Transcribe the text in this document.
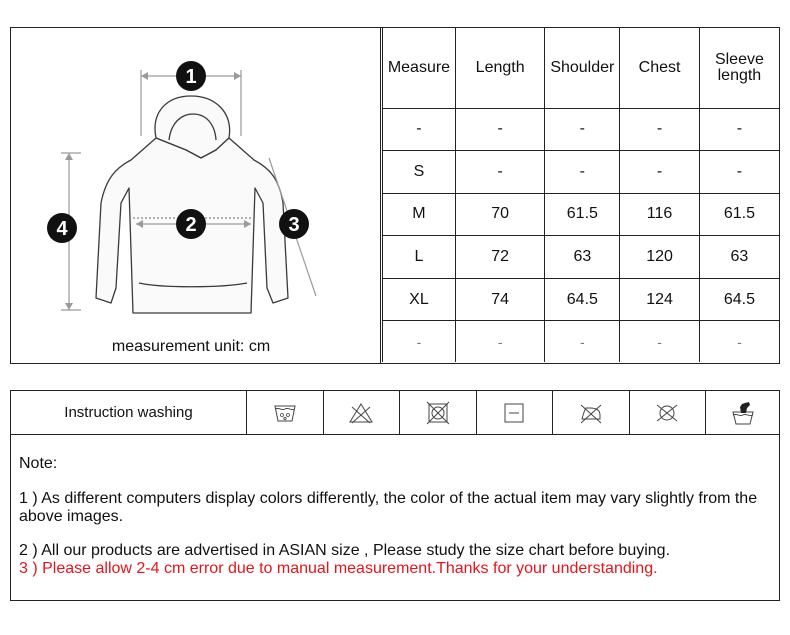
1
2	3
4
measurement unit: cm
Measure	Length	Shoulder	Chest	Sleeve length
-	-	-	-	-
S	-	-	-	-
M	70	61.5	116	61.5
L	72	63	120	63
XL	74	64.5	124	64.5
-	-	-	-	-
Instruction washing
Note:
1 ) As different computers display colors differently, the color of the actual item may vary slightly from the above images.
2 ) All our products are advertised in ASIAN size , Please study the size chart before buying.
3 ) Please allow 2-4 cm error due to manual measurement.Thanks for your understanding.
